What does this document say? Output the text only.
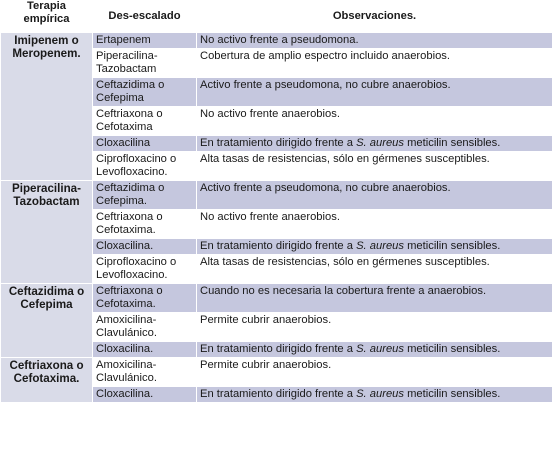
Terapia empírica	Des-escalado	Observaciones.
Imipenem o Meropenem.	Ertapenem	No activo frente a pseudomona.
	Piperacilina-Tazobactam	Cobertura de amplio espectro incluido anaerobios.
	Ceftazidima o Cefepima	Activo frente a pseudomona, no cubre anaerobios.
	Ceftriaxona o Cefotaxima	No activo frente anaerobios.
	Cloxacilina	En tratamiento dirigido frente a S. aureus meticilin sensibles.
	Ciprofloxacino o Levofloxacino.	Alta tasas de resistencias, sólo en gérmenes susceptibles.
Piperacilina-Tazobactam	Ceftazidima o Cefepima.	Activo frente a pseudomona, no cubre anaerobios.
	Ceftriaxona o Cefotaxima.	No activo frente anaerobios.
	Cloxacilina.	En tratamiento dirigido frente a S. aureus meticilin sensibles.
	Ciprofloxacino o Levofloxacino.	Alta tasas de resistencias, sólo en gérmenes susceptibles.
Ceftazidima o Cefepima	Ceftriaxona o Cefotaxima.	Cuando no es necesaria la cobertura frente a anaerobios.
	Amoxicilina-Clavulánico.	Permite cubrir anaerobios.
	Cloxacilina.	En tratamiento dirigido frente a S. aureus meticilin sensibles.
Ceftriaxona o Cefotaxima.	Amoxicilina-Clavulánico.	Permite cubrir anaerobios.
	Cloxacilina.	En tratamiento dirigido frente a S. aureus meticilin sensibles.
